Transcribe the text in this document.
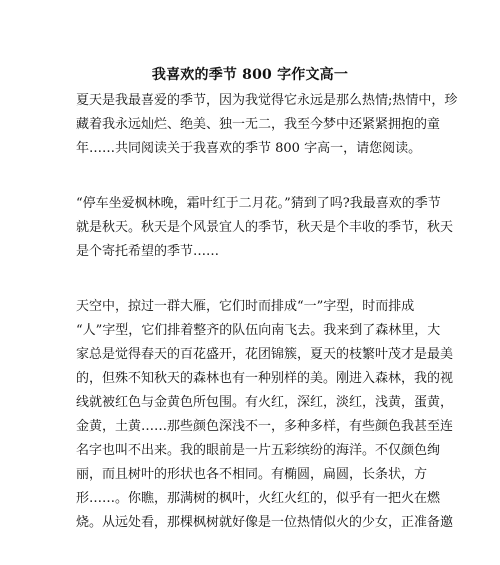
我喜欢的季节 800 字作文高一
夏天是我最喜爱的季节，因为我觉得它永远是那么热情;热情中，珍
藏着我永远灿烂、绝美、独一无二，我至今梦中还紧紧拥抱的童
年……共同阅读关于我喜欢的季节 800 字高一，请您阅读。
“停车坐爱枫林晚，霜叶红于二月花。”猜到了吗?我最喜欢的季节
就是秋天。秋天是个风景宜人的季节，秋天是个丰收的季节，秋天
是个寄托希望的季节……
天空中，掠过一群大雁，它们时而排成“一”字型，时而排成
“人”字型，它们排着整齐的队伍向南飞去。我来到了森林里，大
家总是觉得春天的百花盛开，花团锦簇，夏天的枝繁叶茂才是最美
的，但殊不知秋天的森林也有一种别样的美。刚进入森林，我的视
线就被红色与金黄色所包围。有火红，深红，淡红，浅黄，蛋黄，
金黄，土黄……那些颜色深浅不一，多种多样，有些颜色我甚至连
名字也叫不出来。我的眼前是一片五彩缤纷的海洋。不仅颜色绚
丽，而且树叶的形状也各不相同。有椭圆，扁圆，长条状，方
形……。你瞧，那满树的枫叶，火红火红的，似乎有一把火在燃
烧。从远处看，那棵枫树就好像是一位热情似火的少女，正准备邀
